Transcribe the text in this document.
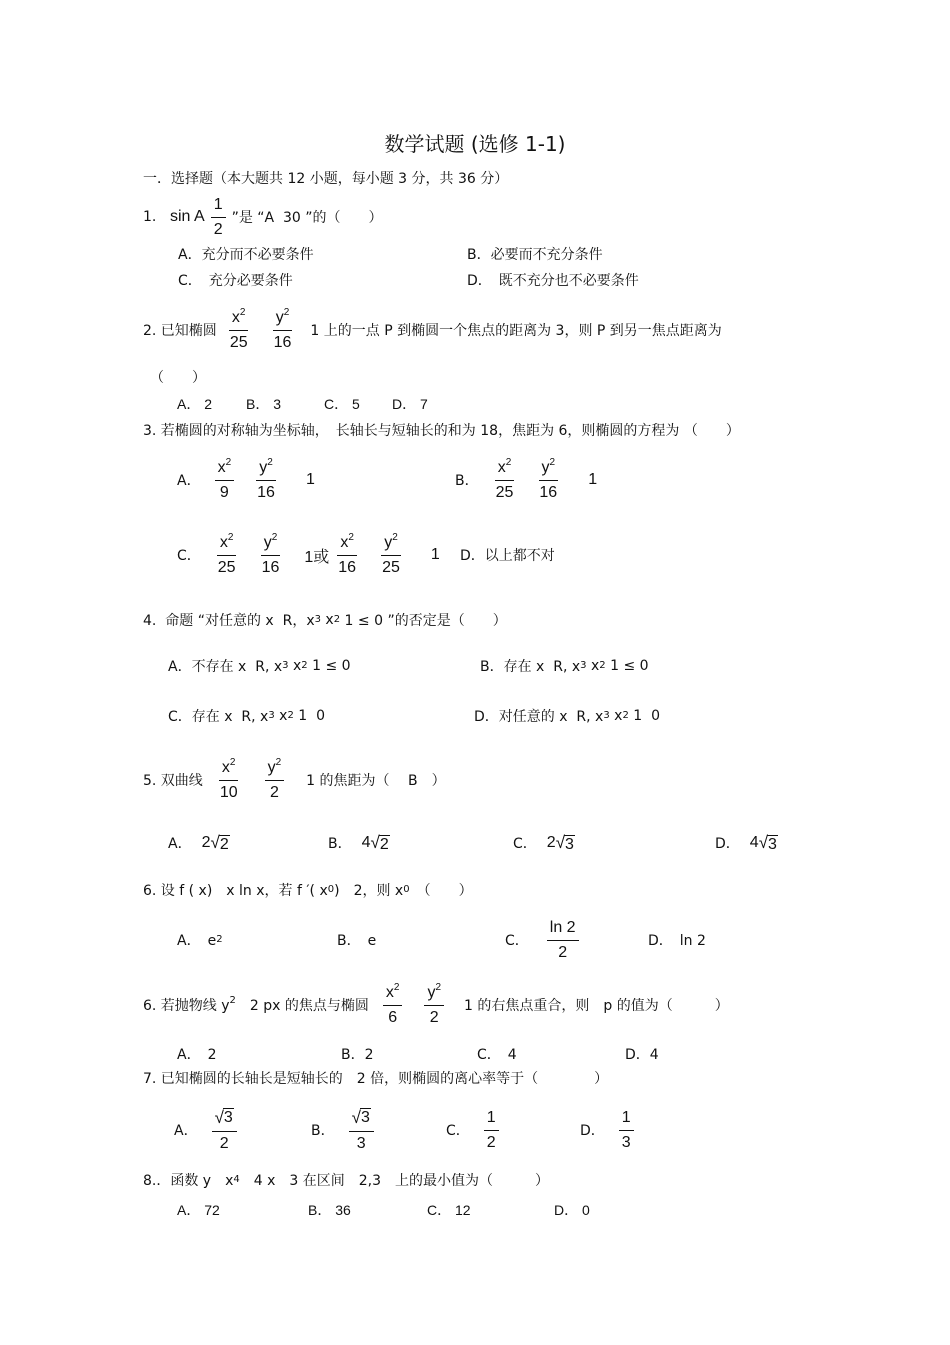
数学试题 (选修 1-1)
一．选择题（本大题共 12 小题，每小题 3 分，共 36 分）
1. sin A $\frac{1}{2}$ ”是 “A  30 ”的（　　）
A．充分而不必要条件	B．必要而不充分条件
C．　充分必要条件	D．　既不充分也不必要条件
2. 已知椭圆 $\frac{x^2}{25} \frac{y^2}{16} 1$ 上的一点 P 到椭圆一个焦点的距离为 3，则 P 到另一焦点距离为
（　　）
A． 2 B． 3	C． 5 D． 7
3. 若椭圆的对称轴为坐标轴，　长轴长与短轴长的和为 18，焦距为 6，则椭圆的方程为 （　　）
A． $\frac{x^2}{9} \frac{y^2}{16} 1$	B． $\frac{x^2}{25} \frac{y^2}{16} 1$
C． $\frac{x^2}{25} \frac{y^2}{16} 1$或 $\frac{x^2}{16} \frac{y^2}{25} 1$ D．以上都不对
4.  命题 “对任意的 x  R，x 3 x 2 1 ≤ 0 ”的否定是（　　）
A．不存在 x  R, x 3 x 2 1 ≤ 0	B．存在 x  R, x 3 x 2 1 ≤ 0
C．存在 x  R, x 3 x 2 1  0	D．对任意的 x  R, x 3 x 2 1  0
5. 双曲线 $\frac{x^2}{10} \frac{y^2}{2} 1$ 的焦距为（　 B　）
A． 2 √ 2	B． 4 √ 2	C． 2 √ 3	D． 4 √ 3
6. 设 f ( x)　x ln x，若 f ′( x 0 )　2，则 x 0 　（　　）
A．　e 2	B．　e	C． $\frac{\ln 2}{2}$	D．　ln 2
6. 若抛物线 $y^2$　2 px 的焦点与椭圆 $\frac{x^2}{6} \frac{y^2}{2} 1$ 的右焦点重合，则　p 的值为（　　　）
A．　2	B．2	C．　4	D．4
7. 已知椭圆的长轴长是短轴长的　2 倍，则椭圆的离心率等于（　　　　）
A． $\frac{√ 3}{2}$	B． $\frac{√ 3}{3}$	C． $\frac{1}{2}$	D． $\frac{1}{3}$
8.．函数 y　x 4 　4 x　3 在区间　2,3　上的最小值为（　　　）
A． 72	B． 36	C． 12	D． 0
